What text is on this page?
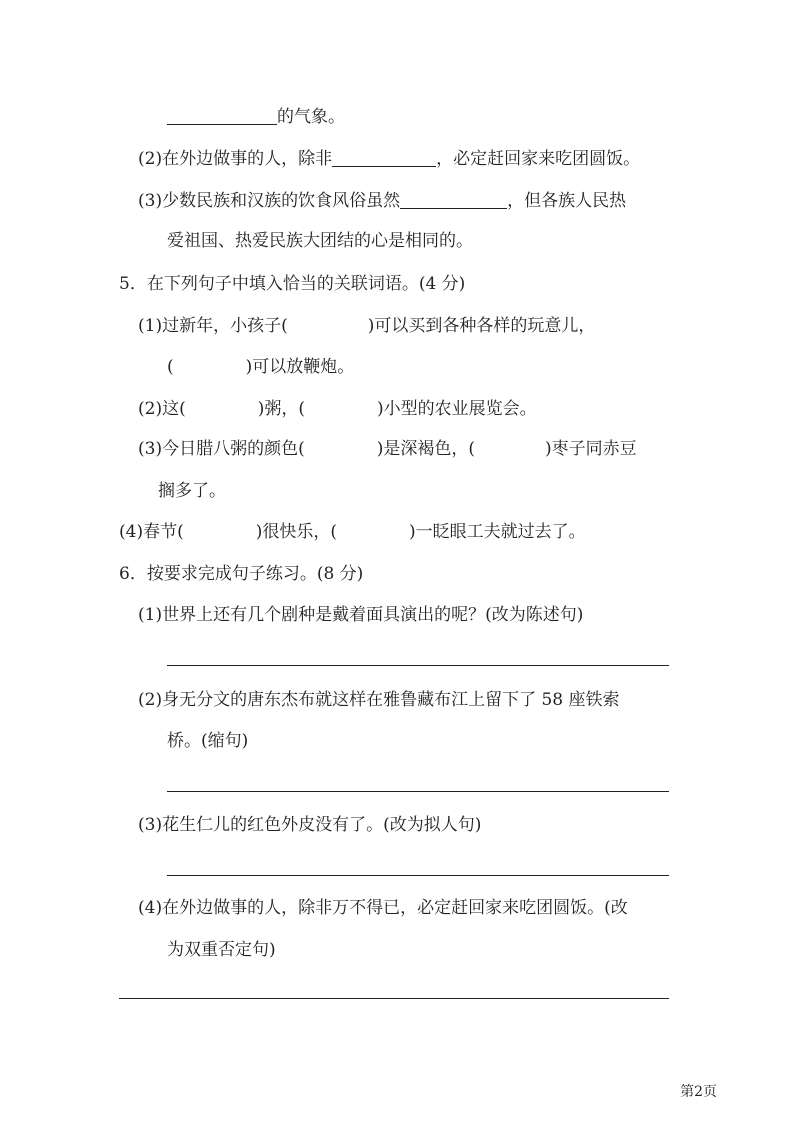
的气象。
(2)在外边做事的人，除非	，必定赶回家来吃团圆饭。
(3)少数民族和汉族的饮食风俗虽然	，但各族人民热
爱祖国、热爱民族大团结的心是相同的。
5．在下列句子中填入恰当的关联词语。(4 分)
(1)过新年，小孩子(	)可以买到各种各样的玩意儿，
(	)可以放鞭炮。
(2)这(	)粥，(	)小型的农业展览会。
(3)今日腊八粥的颜色(	)是深褐色，(	)枣子同赤豆
搁多了。
(4)春节(	)很快乐，(	)一眨眼工夫就过去了。
6．按要求完成句子练习。(8 分)
(1)世界上还有几个剧种是戴着面具演出的呢？(改为陈述句)
(2)身无分文的唐东杰布就这样在雅鲁藏布江上留下了 58 座铁索
桥。(缩句)
(3)花生仁儿的红色外皮没有了。(改为拟人句)
(4)在外边做事的人，除非万不得已，必定赶回家来吃团圆饭。(改
为双重否定句)
第2页
